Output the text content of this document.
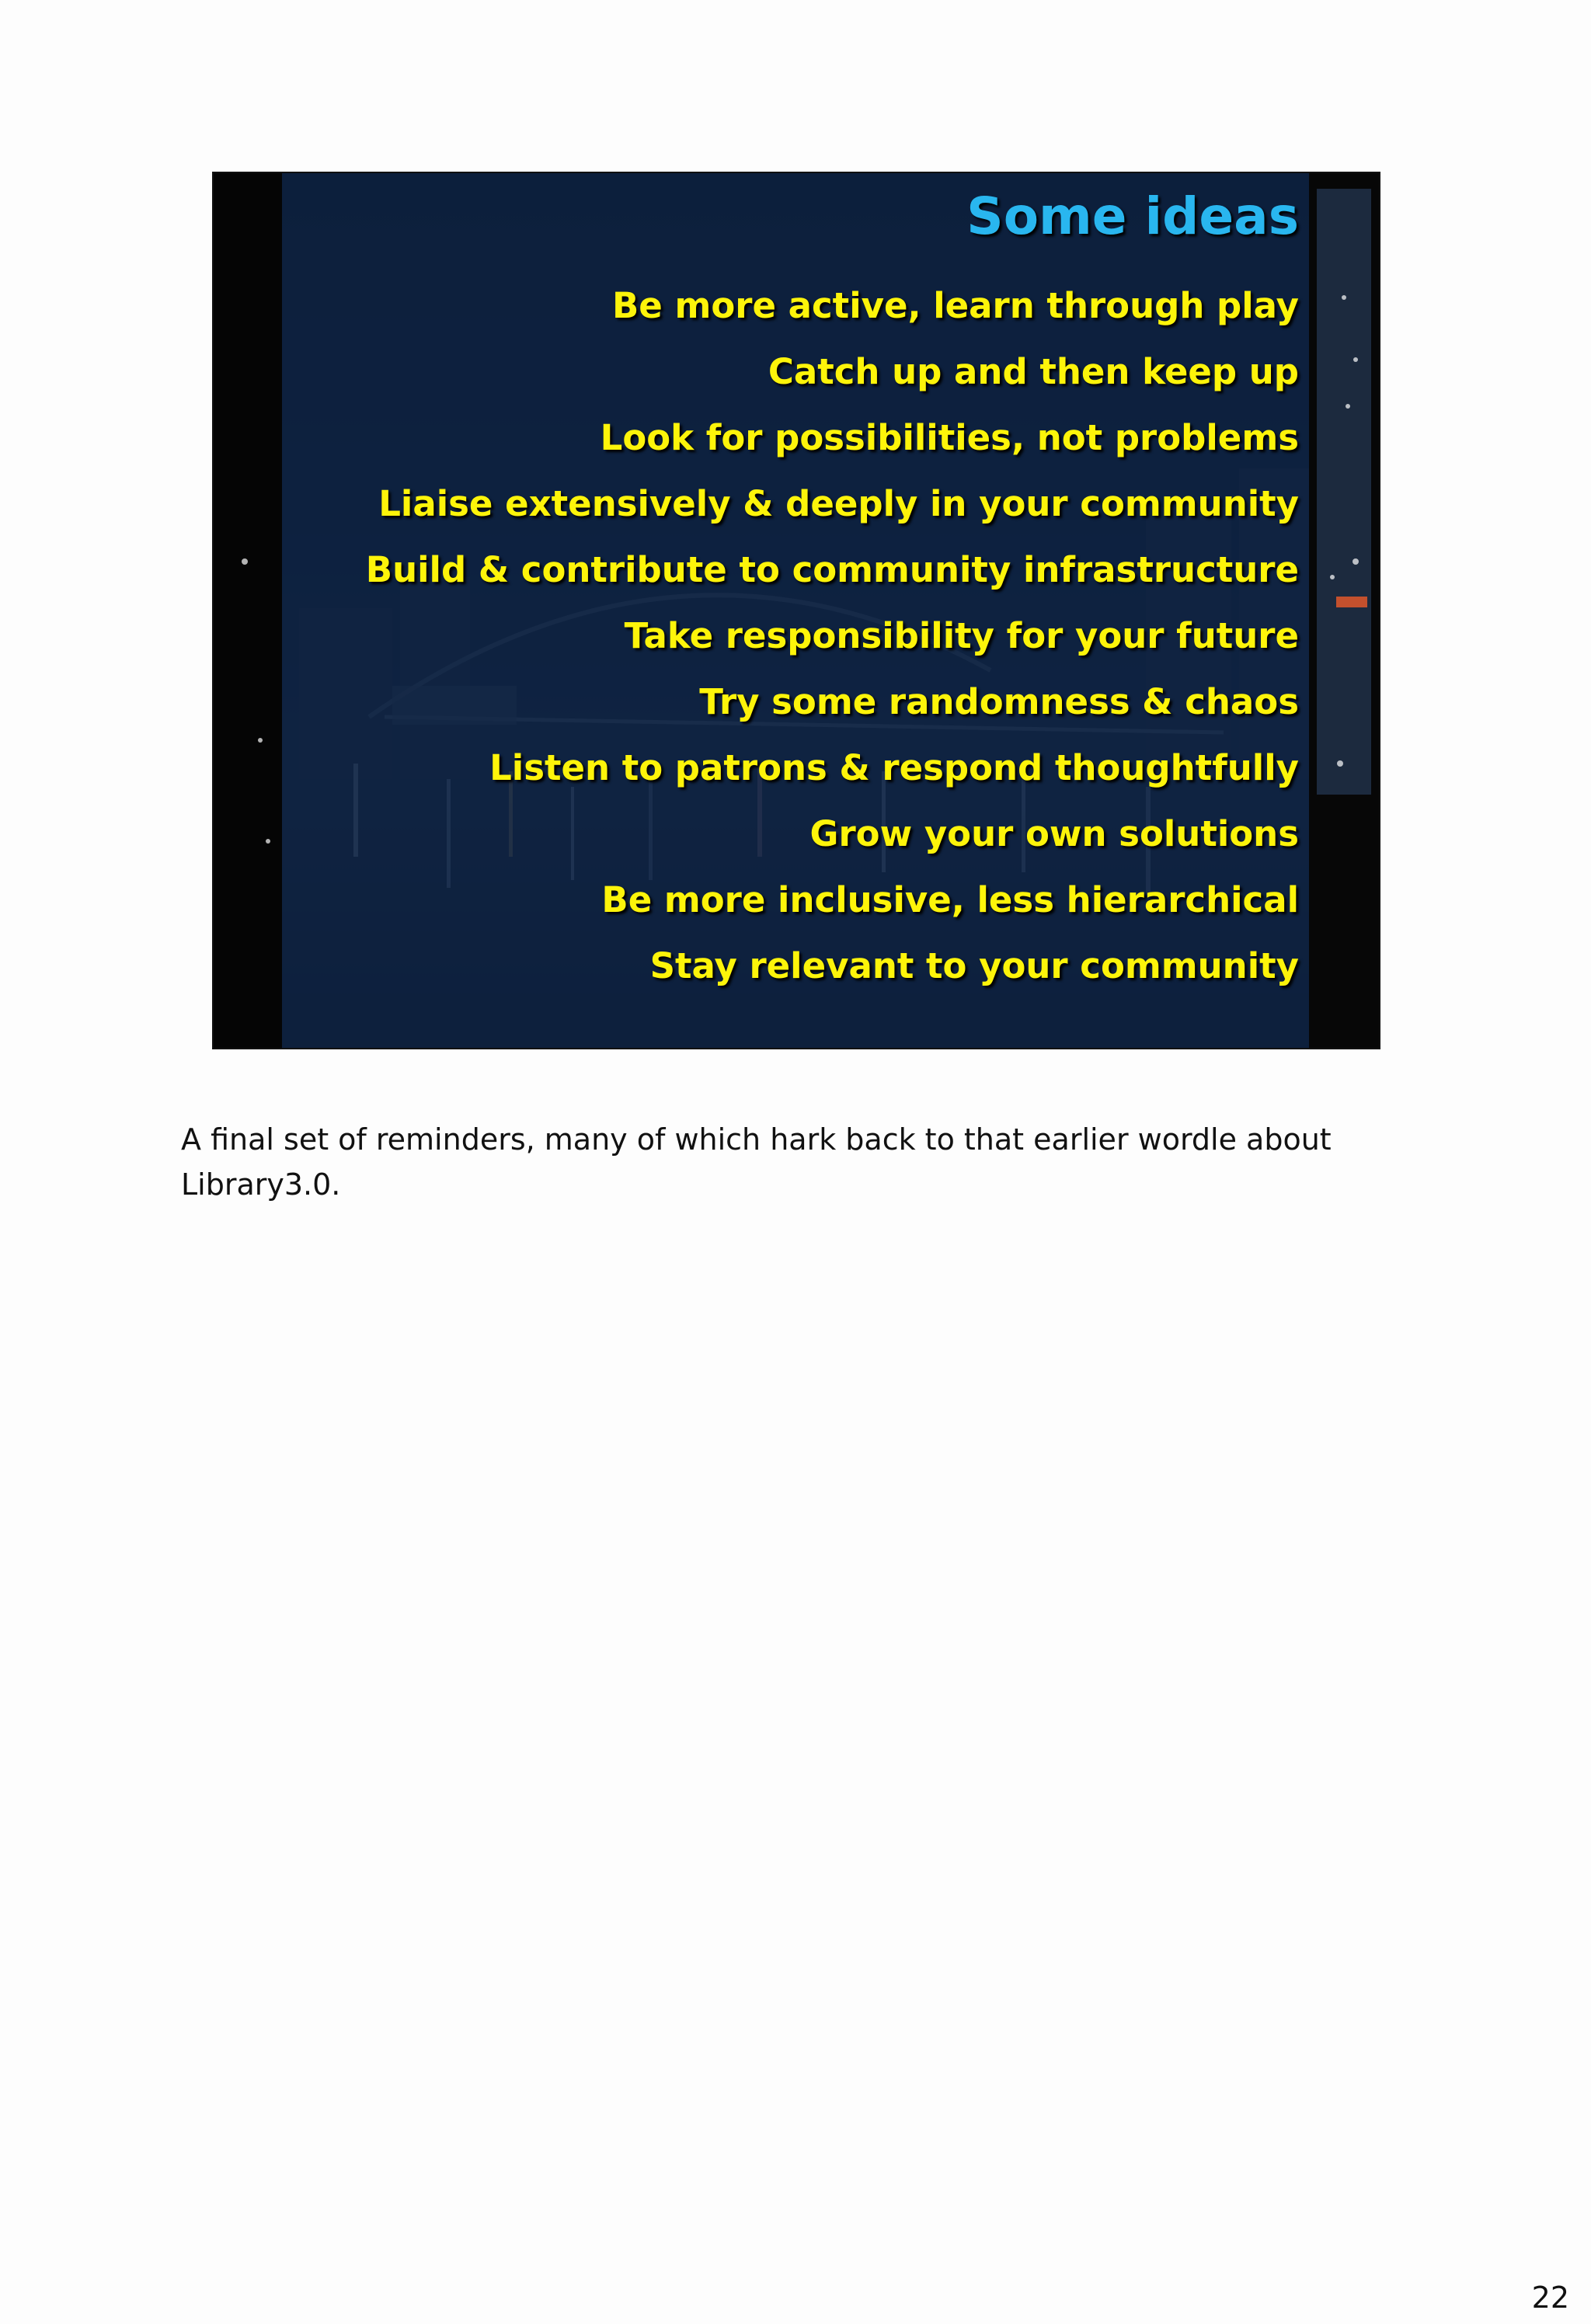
Some ideas
Be more active, learn through play
Catch up and then keep up
Look for possibilities, not problems
Liaise extensively & deeply in your community
Build & contribute to community infrastructure
Take responsibility for your future
Try some randomness & chaos
Listen to patrons & respond thoughtfully
Grow your own solutions
Be more inclusive, less hierarchical
Stay relevant to your community

A final set of reminders, many of which hark back to that earlier wordle about Library3.0.

22
